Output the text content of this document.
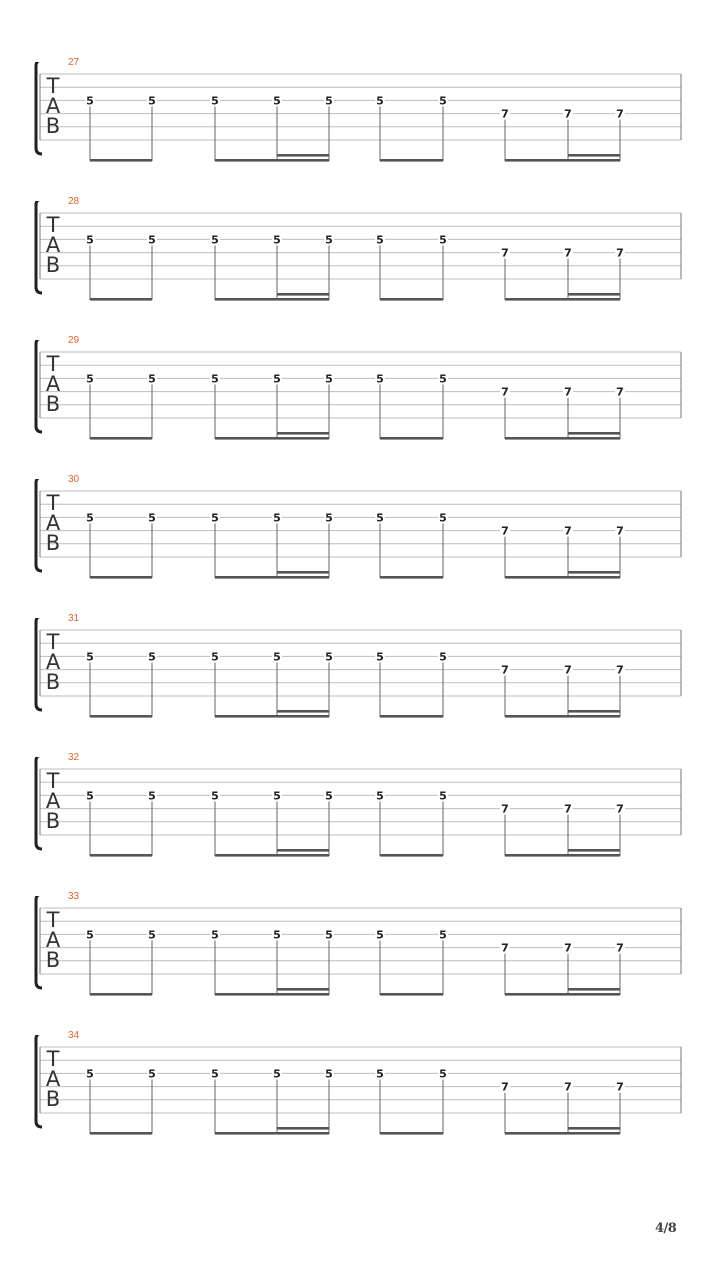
27
5	5	5	5	5	5	5
7	7	7
T
A
B
28
5	5	5	5	5	5	5
7	7	7
T
A
B
29
5	5	5	5	5	5	5
7	7	7
T
A
B
30
5	5	5	5	5	5	5
7	7	7
T
A
B
31
5	5	5	5	5	5	5
7	7	7
T
A
B
32
5	5	5	5	5	5	5
7	7	7
T
A
B
33
5	5	5	5	5	5	5
7	7	7
T
A
B
34
5	5	5	5	5	5	5
7	7	7
T
A
B
4/8
